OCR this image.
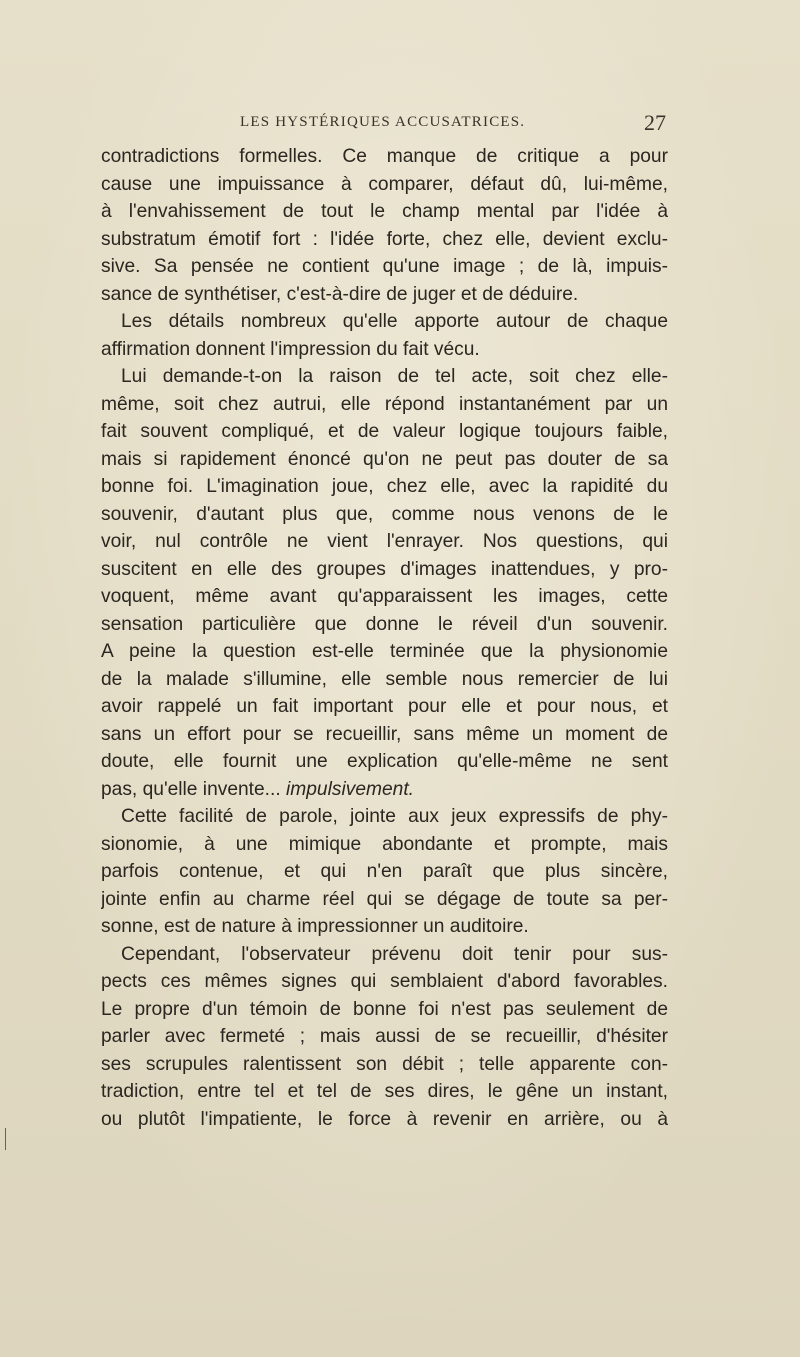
LES HYSTÉRIQUES ACCUSATRICES.	27
contradictions formelles. Ce manque de critique a pour
cause une impuissance à comparer, défaut dû, lui-même,
à l'envahissement de tout le champ mental par l'idée à
substratum émotif fort : l'idée forte, chez elle, devient exclu-
sive. Sa pensée ne contient qu'une image ; de là, impuis-
sance de synthétiser, c'est-à-dire de juger et de déduire.
Les détails nombreux qu'elle apporte autour de chaque
affirmation donnent l'impression du fait vécu.
Lui demande-t-on la raison de tel acte, soit chez elle-
même, soit chez autrui, elle répond instantanément par un
fait souvent compliqué, et de valeur logique toujours faible,
mais si rapidement énoncé qu'on ne peut pas douter de sa
bonne foi. L'imagination joue, chez elle, avec la rapidité du
souvenir, d'autant plus que, comme nous venons de le
voir, nul contrôle ne vient l'enrayer. Nos questions, qui
suscitent en elle des groupes d'images inattendues, y pro-
voquent, même avant qu'apparaissent les images, cette
sensation particulière que donne le réveil d'un souvenir.
A peine la question est-elle terminée que la physionomie
de la malade s'illumine, elle semble nous remercier de lui
avoir rappelé un fait important pour elle et pour nous, et
sans un effort pour se recueillir, sans même un moment de
doute, elle fournit une explication qu'elle-même ne sent
pas, qu'elle invente... impulsivement.
Cette facilité de parole, jointe aux jeux expressifs de phy-
sionomie, à une mimique abondante et prompte, mais
parfois contenue, et qui n'en paraît que plus sincère,
jointe enfin au charme réel qui se dégage de toute sa per-
sonne, est de nature à impressionner un auditoire.
Cependant, l'observateur prévenu doit tenir pour sus-
pects ces mêmes signes qui semblaient d'abord favorables.
Le propre d'un témoin de bonne foi n'est pas seulement de
parler avec fermeté ; mais aussi de se recueillir, d'hésiter
ses scrupules ralentissent son débit ; telle apparente con-
tradiction, entre tel et tel de ses dires, le gêne un instant,
ou plutôt l'impatiente, le force à revenir en arrière, ou à
